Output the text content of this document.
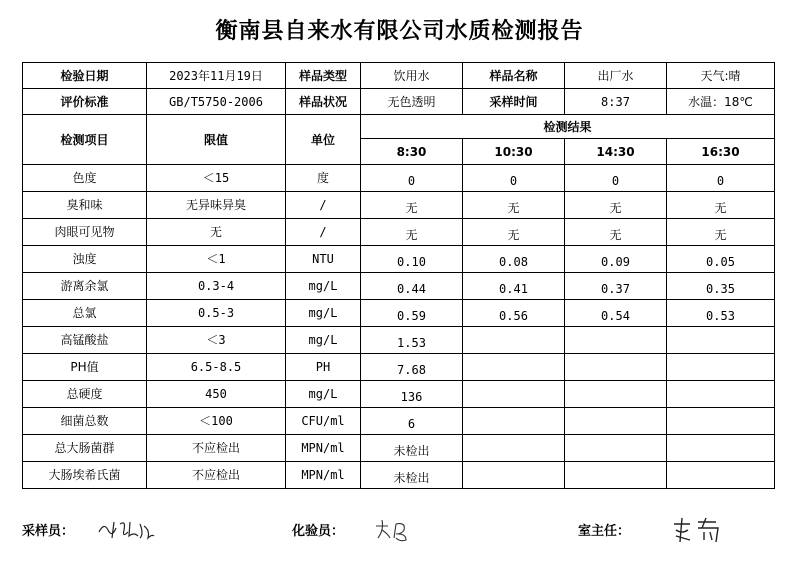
衡南县自来水有限公司水质检测报告
检验日期	2023年11月19日	样品类型	饮用水	样品名称	出厂水	天气:晴
评价标准	GB/T5750-2006	样品状况	无色透明	采样时间	8:37	水温：18℃
检测项目	限值	单位	检测结果			
			8:30	10:30	14:30	16:30
色度	＜15	度	0	0	0	0
臭和味	无异味异臭	/	无	无	无	无
肉眼可见物	无	/	无	无	无	无
浊度	＜1	NTU	0.10	0.08	0.09	0.05
游离余氯	0.3-4	mg/L	0.44	0.41	0.37	0.35
总氯	0.5-3	mg/L	0.59	0.56	0.54	0.53
高锰酸盐	＜3	mg/L	1.53			
PH值	6.5-8.5	PH	7.68			
总硬度	450	mg/L	136			
细菌总数	＜100	CFU/ml	6			
总大肠菌群	不应检出	MPN/ml	未检出			
大肠埃希氏菌	不应检出	MPN/ml	未检出			
采样员：	化验员：	室主任：
